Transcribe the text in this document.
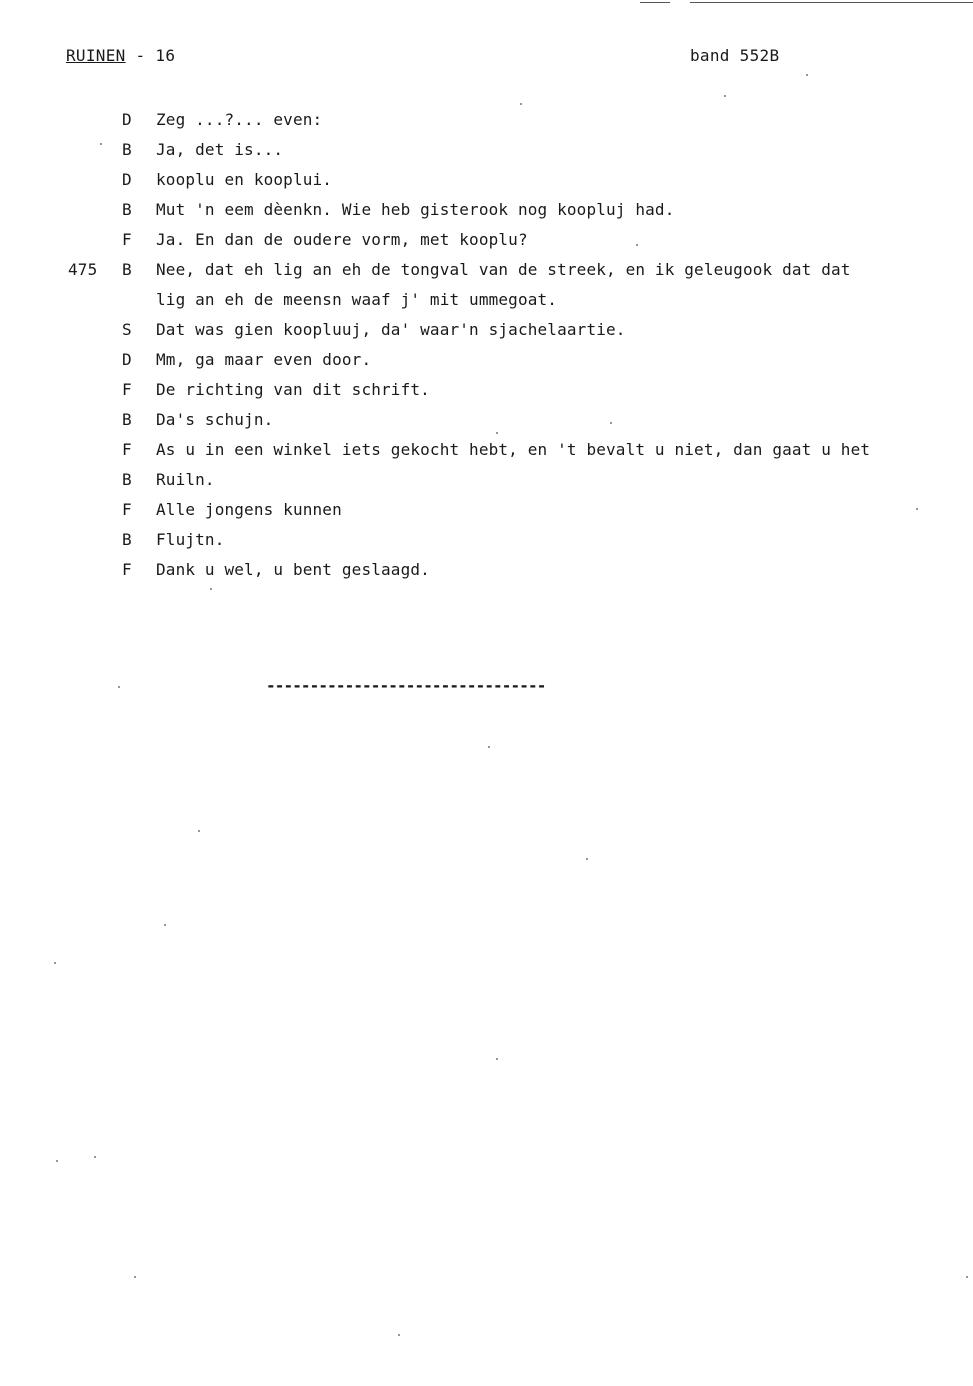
RUINEN - 16	band 552B
D Zeg ...?... even:
B Ja, det is...
D kooplu en kooplui.
B Mut 'n eem dèenkn. Wie heb gisterook nog koopluj had.
F Ja. En dan de oudere vorm, met kooplu?
475 B Nee, dat eh lig an eh de tongval van de streek, en ik geleugook dat dat
lig an eh de meensn waaf j' mit ummegoat.
S Dat was gien koopluuj, da' waar'n sjachelaartie.
D Mm, ga maar even door.
F De richting van dit schrift.
B Da's schujn.
F As u in een winkel iets gekocht hebt, en 't bevalt u niet, dan gaat u het
B Ruiln.
F Alle jongens kunnen
B Flujtn.
F Dank u wel, u bent geslaagd.
--------------------------------
